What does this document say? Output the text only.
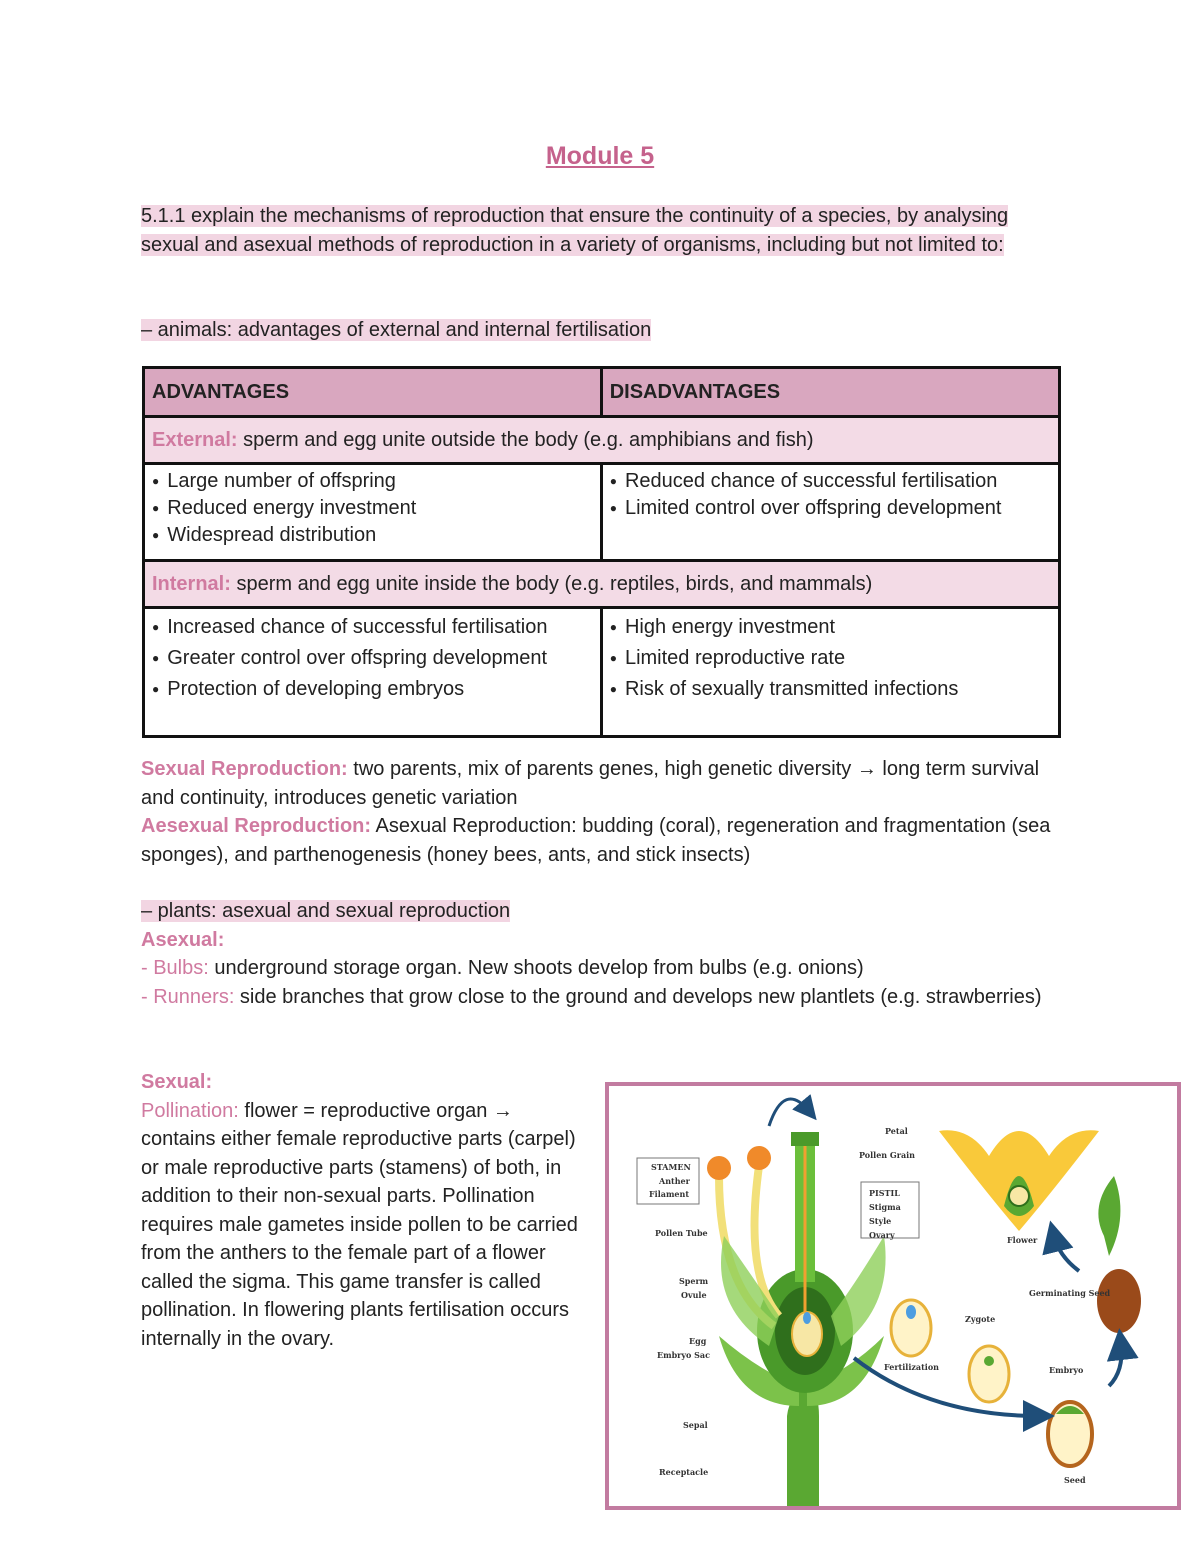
Module 5
5.1.1 explain the mechanisms of reproduction that ensure the continuity of a species, by analysing sexual and asexual methods of reproduction in a variety of organisms, including but not limited to:
– animals: advantages of external and internal fertilisation
ADVANTAGES	DISADVANTAGES
External: sperm and egg unite outside the body (e.g. amphibians and fish)	

● Large number of offspring
● Reduced energy investment
● Widespread distribution	● Reduced chance of successful fertilisation
● Limited control over offspring development

Internal: sperm and egg unite inside the body (e.g. reptiles, birds, and mammals)	

● Increased chance of successful fertilisation
● Greater control over offspring development
● Protection of developing embryos	● High energy investment
● Limited reproductive rate
● Risk of sexually transmitted infections
Sexual Reproduction: two parents, mix of parents genes, high genetic diversity → long term survival and continuity, introduces genetic variation
Aesexual Reproduction: Asexual Reproduction: budding (coral), regeneration and fragmentation (sea sponges), and parthenogenesis (honey bees, ants, and stick insects)
– plants: asexual and sexual reproduction
Asexual:
- Bulbs: underground storage organ. New shoots develop from bulbs (e.g. onions)
- Runners: side branches that grow close to the ground and develops new plantlets (e.g. strawberries)
Sexual:
Pollination: flower = reproductive organ → contains either female reproductive parts (carpel) or male reproductive parts (stamens) of both, in addition to their non-sexual parts. Pollination requires male gametes inside pollen to be carried from the anthers to the female part of a flower called the sigma. This game transfer is called pollination. In flowering plants fertilisation occurs internally in the ovary.
STAMEN
Anther
Filament
Pollen Tube
Sperm
Ovule
Egg
Embryo Sac
Sepal
Receptacle
Petal
Pollen Grain
PISTIL
Stigma
Style
Ovary	Flower
Germinating Seed
Fertilization
Zygote
Embryo
Seed
